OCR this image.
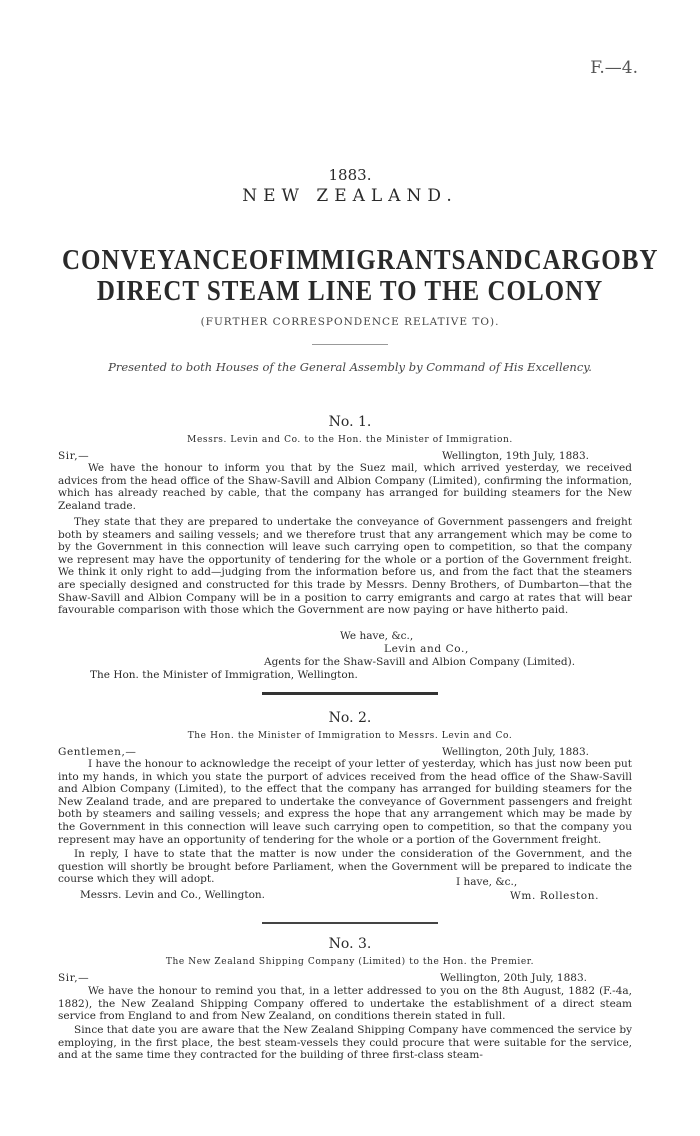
F.—4.
1883.
NEW ZEALAND.
CONVEYANCE OF IMMIGRANTS AND CARGO BY
DIRECT STEAM LINE TO THE COLONY
(FURTHER CORRESPONDENCE RELATIVE TO).
Presented to both Houses of the General Assembly by Command of His Excellency.
No. 1.
Messrs. Levin and Co. to the Hon. the Minister of Immigration.
Sir,—	Wellington, 19th July, 1883.
We have the honour to inform you that by the Suez mail, which arrived yesterday, we received advices from the head office of the Shaw-Savill and Albion Company (Limited), confirming the information, which has already reached by cable, that the company has arranged for building steamers for the New Zealand trade.
They state that they are prepared to undertake the conveyance of Government passengers and freight both by steamers and sailing vessels; and we therefore trust that any arrangement which may be come to by the Government in this connection will leave such carrying open to competition, so that the company we represent may have the opportunity of tendering for the whole or a portion of the Government freight. We think it only right to add—judging from the information before us, and from the fact that the steamers are specially designed and constructed for this trade by Messrs. Denny Brothers, of Dumbarton—that the Shaw-Savill and Albion Company will be in a position to carry emigrants and cargo at rates that will bear favourable comparison with those which the Government are now paying or have hitherto paid.
We have, &c.,
Levin and Co.,
Agents for the Shaw-Savill and Albion Company (Limited).
The Hon. the Minister of Immigration, Wellington.
No. 2.
The Hon. the Minister of Immigration to Messrs. Levin and Co.
Gentlemen,—	Wellington, 20th July, 1883.
I have the honour to acknowledge the receipt of your letter of yesterday, which has just now been put into my hands, in which you state the purport of advices received from the head office of the Shaw-Savill and Albion Company (Limited), to the effect that the company has arranged for building steamers for the New Zealand trade, and are prepared to undertake the conveyance of Government passengers and freight both by steamers and sailing vessels; and express the hope that any arrangement which may be made by the Government in this connection will leave such carrying open to competition, so that the company you represent may have an opportunity of tendering for the whole or a portion of the Government freight.
In reply, I have to state that the matter is now under the consideration of the Government, and the question will shortly be brought before Parliament, when the Government will be prepared to indicate the course which they will adopt.	I have, &c.,
Messrs. Levin and Co., Wellington.	Wm. Rolleston.
No. 3.
The New Zealand Shipping Company (Limited) to the Hon. the Premier.
Sir,—	Wellington, 20th July, 1883.
We have the honour to remind you that, in a letter addressed to you on the 8th August, 1882 (F.-4a, 1882), the New Zealand Shipping Company offered to undertake the establishment of a direct steam service from England to and from New Zealand, on conditions therein stated in full.
Since that date you are aware that the New Zealand Shipping Company have commenced the service by employing, in the first place, the best steam-vessels they could procure that were suitable for the service, and at the same time they contracted for the building of three first-class steam-
